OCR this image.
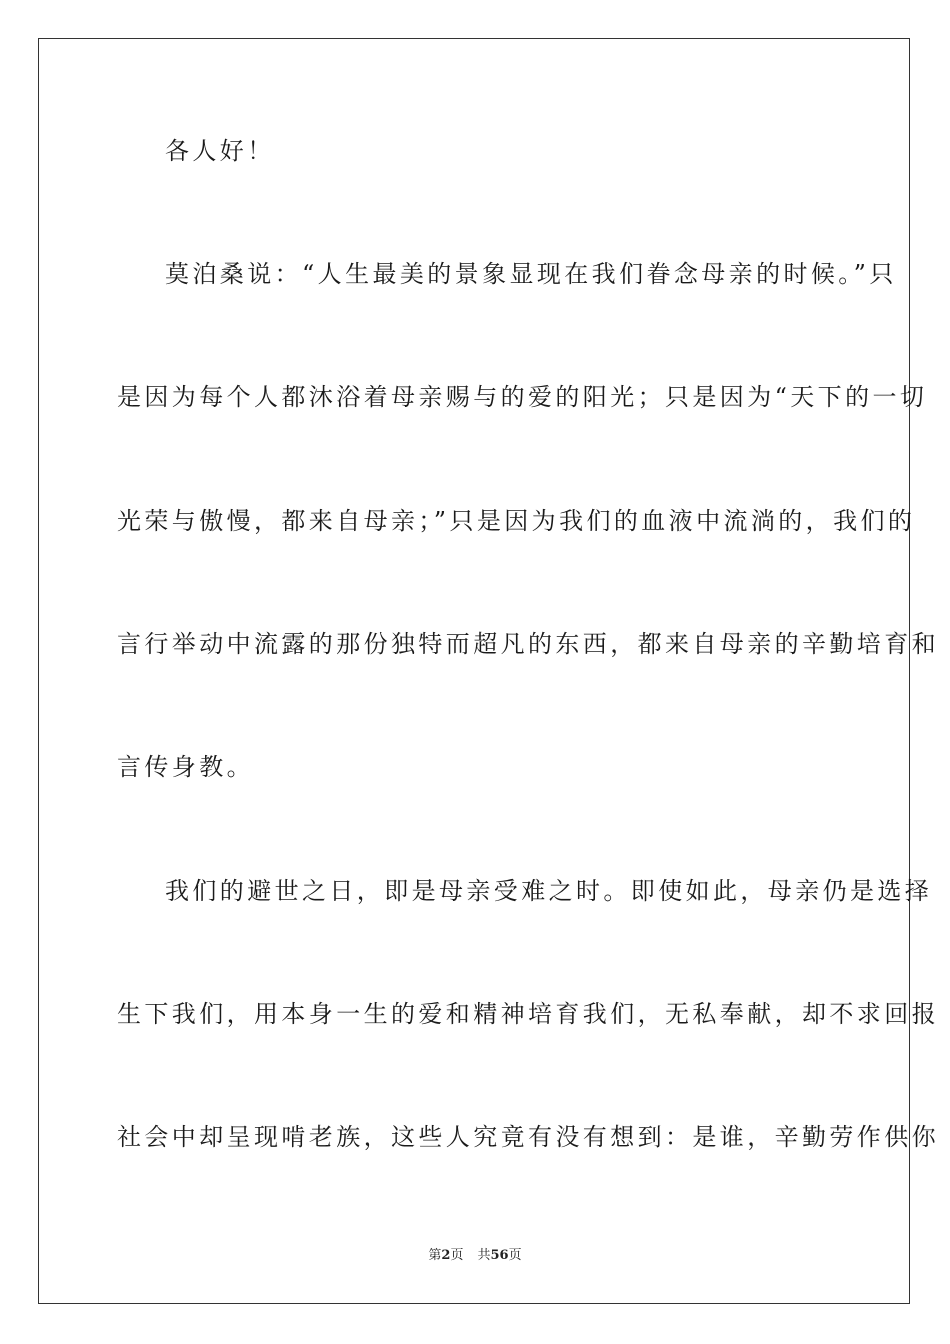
各人好！
莫泊桑说：“人生最美的景象显现在我们眷念母亲的时候。”只
是因为每个人都沐浴着母亲赐与的爱的阳光；只是因为“天下的一切
光荣与傲慢，都来自母亲；”只是因为我们的血液中流淌的，我们的
言行举动中流露的那份独特而超凡的东西，都来自母亲的辛勤培育和
言传身教。
我们的避世之日，即是母亲受难之时。即使如此，母亲仍是选择
生下我们，用本身一生的爱和精神培育我们，无私奉献，却不求回报
社会中却呈现啃老族，这些人究竟有没有想到：是谁，辛勤劳作供你
第2页 共56页
